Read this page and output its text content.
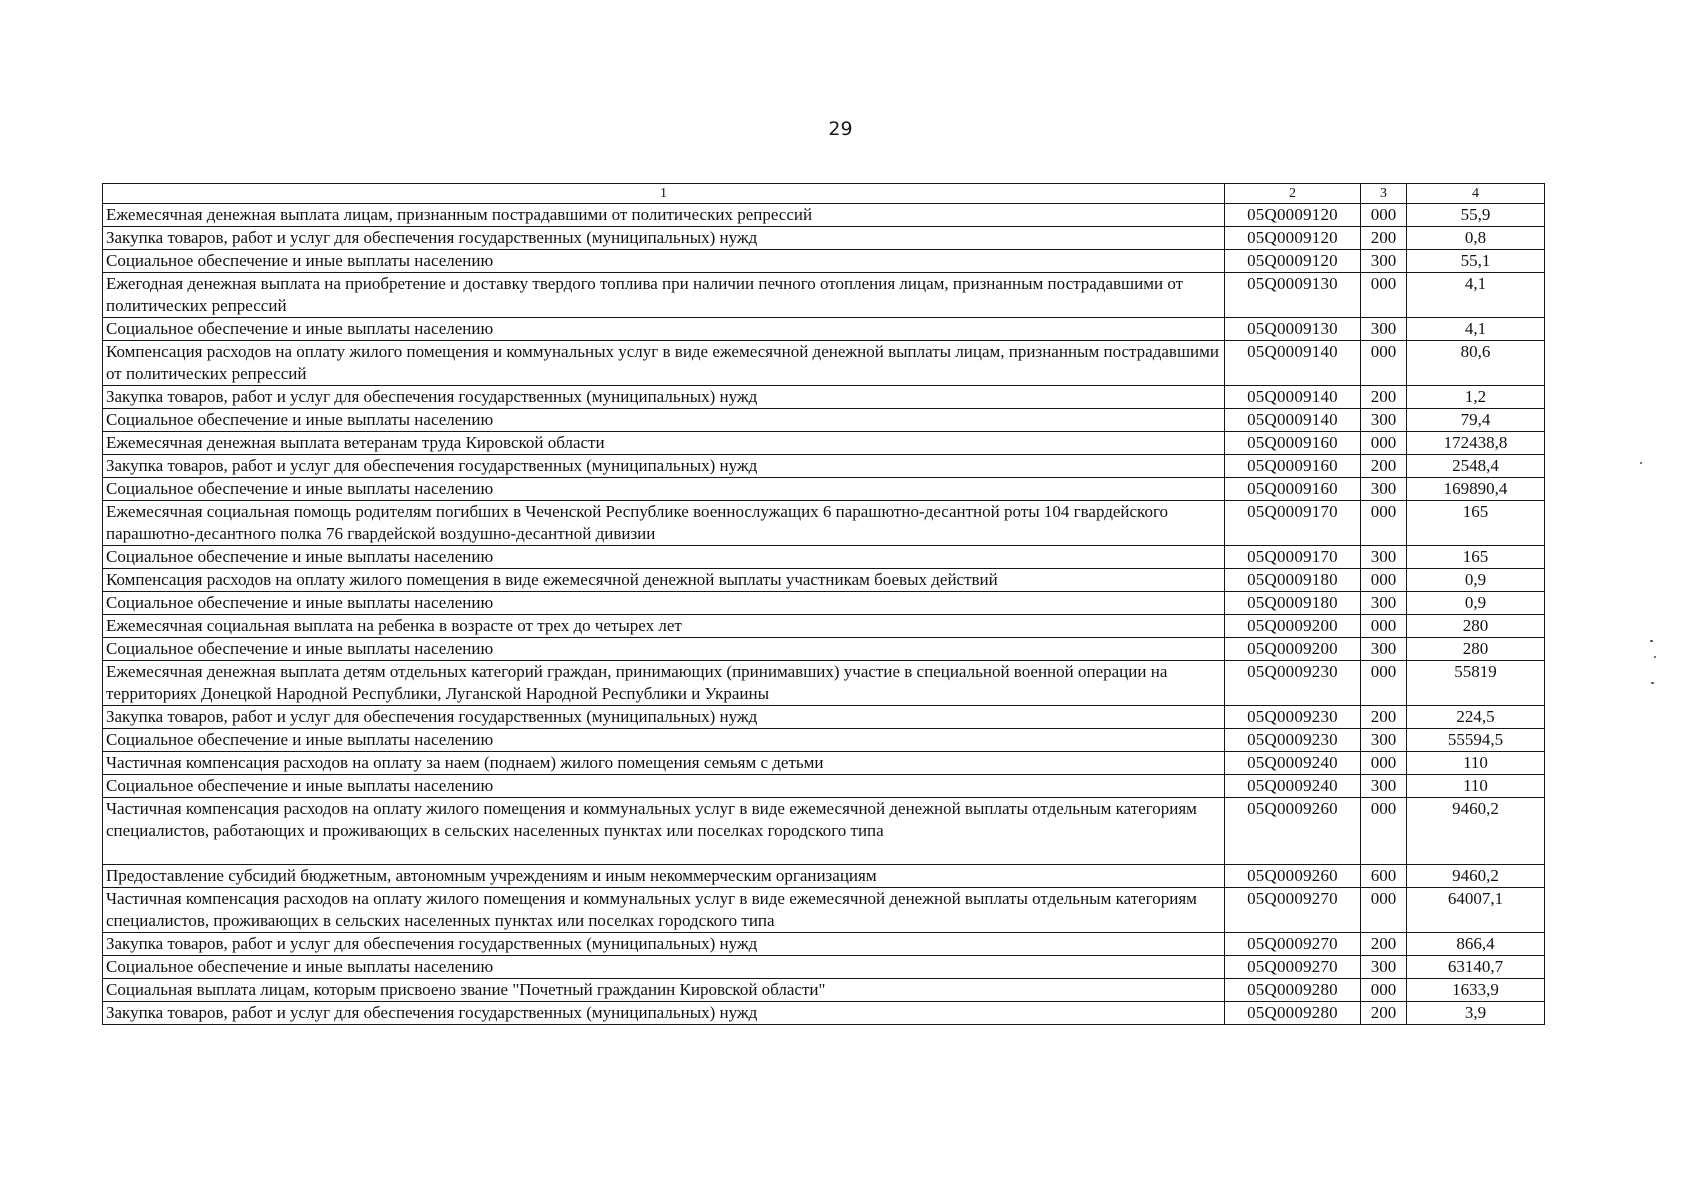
29
1	2	3	4
Ежемесячная денежная выплата лицам, признанным пострадавшими от политических репрессий	05Q0009120	000	55,9
Закупка товаров, работ и услуг для обеспечения государственных (муниципальных) нужд	05Q0009120	200	0,8
Социальное обеспечение и иные выплаты населению	05Q0009120	300	55,1
Ежегодная денежная выплата на приобретение и доставку твердого топлива при наличии печного отопления лицам, признанным пострадавшими от политических репрессий	05Q0009130	000	4,1
Социальное обеспечение и иные выплаты населению	05Q0009130	300	4,1
Компенсация расходов на оплату жилого помещения и коммунальных услуг в виде ежемесячной денежной выплаты лицам, признанным пострадавшими от политических репрессий	05Q0009140	000	80,6
Закупка товаров, работ и услуг для обеспечения государственных (муниципальных) нужд	05Q0009140	200	1,2
Социальное обеспечение и иные выплаты населению	05Q0009140	300	79,4
Ежемесячная денежная выплата ветеранам труда Кировской области	05Q0009160	000	172438,8
Закупка товаров, работ и услуг для обеспечения государственных (муниципальных) нужд	05Q0009160	200	2548,4
Социальное обеспечение и иные выплаты населению	05Q0009160	300	169890,4
Ежемесячная социальная помощь родителям погибших в Чеченской Республике военнослужащих 6 парашютно-десантной роты 104 гвардейского парашютно-десантного полка 76 гвардейской воздушно-десантной дивизии	05Q0009170	000	165
Социальное обеспечение и иные выплаты населению	05Q0009170	300	165
Компенсация расходов на оплату жилого помещения в виде ежемесячной денежной выплаты участникам боевых действий	05Q0009180	000	0,9
Социальное обеспечение и иные выплаты населению	05Q0009180	300	0,9
Ежемесячная социальная выплата на ребенка в возрасте от трех до четырех лет	05Q0009200	000	280
Социальное обеспечение и иные выплаты населению	05Q0009200	300	280
Ежемесячная денежная выплата детям отдельных категорий граждан, принимающих (принимавших) участие в специальной военной операции на территориях Донецкой Народной Республики, Луганской Народной Республики и Украины	05Q0009230	000	55819
Закупка товаров, работ и услуг для обеспечения государственных (муниципальных) нужд	05Q0009230	200	224,5
Социальное обеспечение и иные выплаты населению	05Q0009230	300	55594,5
Частичная компенсация расходов на оплату за наем (поднаем) жилого помещения семьям с детьми	05Q0009240	000	110
Социальное обеспечение и иные выплаты населению	05Q0009240	300	110
Частичная компенсация расходов на оплату жилого помещения и коммунальных услуг в виде ежемесячной денежной выплаты отдельным категориям специалистов, работающих и проживающих в сельских населенных пунктах или поселках городского типа	05Q0009260	000	9460,2
Предоставление субсидий бюджетным, автономным учреждениям и иным некоммерческим организациям	05Q0009260	600	9460,2
Частичная компенсация расходов на оплату жилого помещения и коммунальных услуг в виде ежемесячной денежной выплаты отдельным категориям специалистов, проживающих в сельских населенных пунктах или поселках городского типа	05Q0009270	000	64007,1
Закупка товаров, работ и услуг для обеспечения государственных (муниципальных) нужд	05Q0009270	200	866,4
Социальное обеспечение и иные выплаты населению	05Q0009270	300	63140,7
Социальная выплата лицам, которым присвоено звание "Почетный гражданин Кировской области"	05Q0009280	000	1633,9
Закупка товаров, работ и услуг для обеспечения государственных (муниципальных) нужд	05Q0009280	200	3,9
